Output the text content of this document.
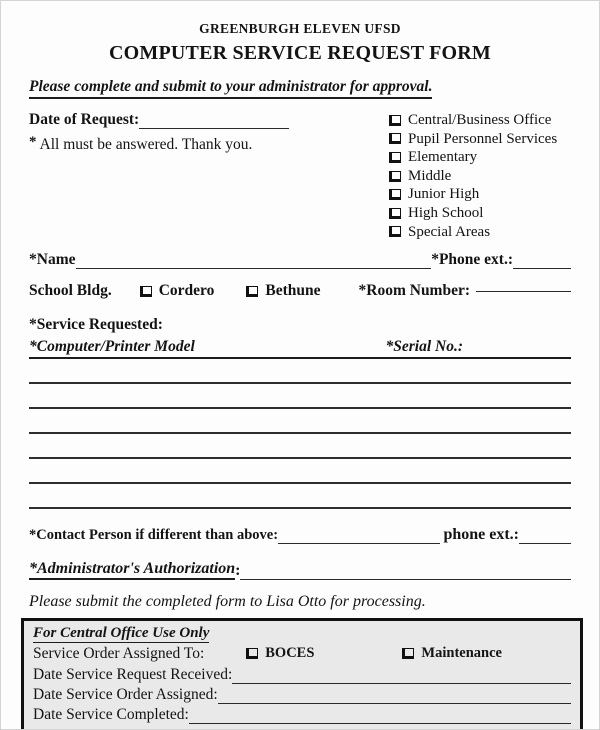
GREENBURGH ELEVEN UFSD
COMPUTER SERVICE REQUEST FORM
Please complete and submit to your administrator for approval.
Date of Request:
* All must be answered. Thank you.
Central/Business Office
Pupil Personnel Services
Elementary
Middle
Junior High
High School
Special Areas
*Name	*Phone ext.:
School Bldg.	Cordero	Bethune *Room Number:
*Service Requested:
*Computer/Printer Model	*Serial No.:
*Contact Person if different than above:
	phone ext.:
*Administrator's Authorization :
Please submit the completed form to Lisa Otto for processing.
For Central Office Use Only
Service Order Assigned To:	BOCES	Maintenance
Date Service Request Received:
Date Service Order Assigned:
Date Service Completed:
